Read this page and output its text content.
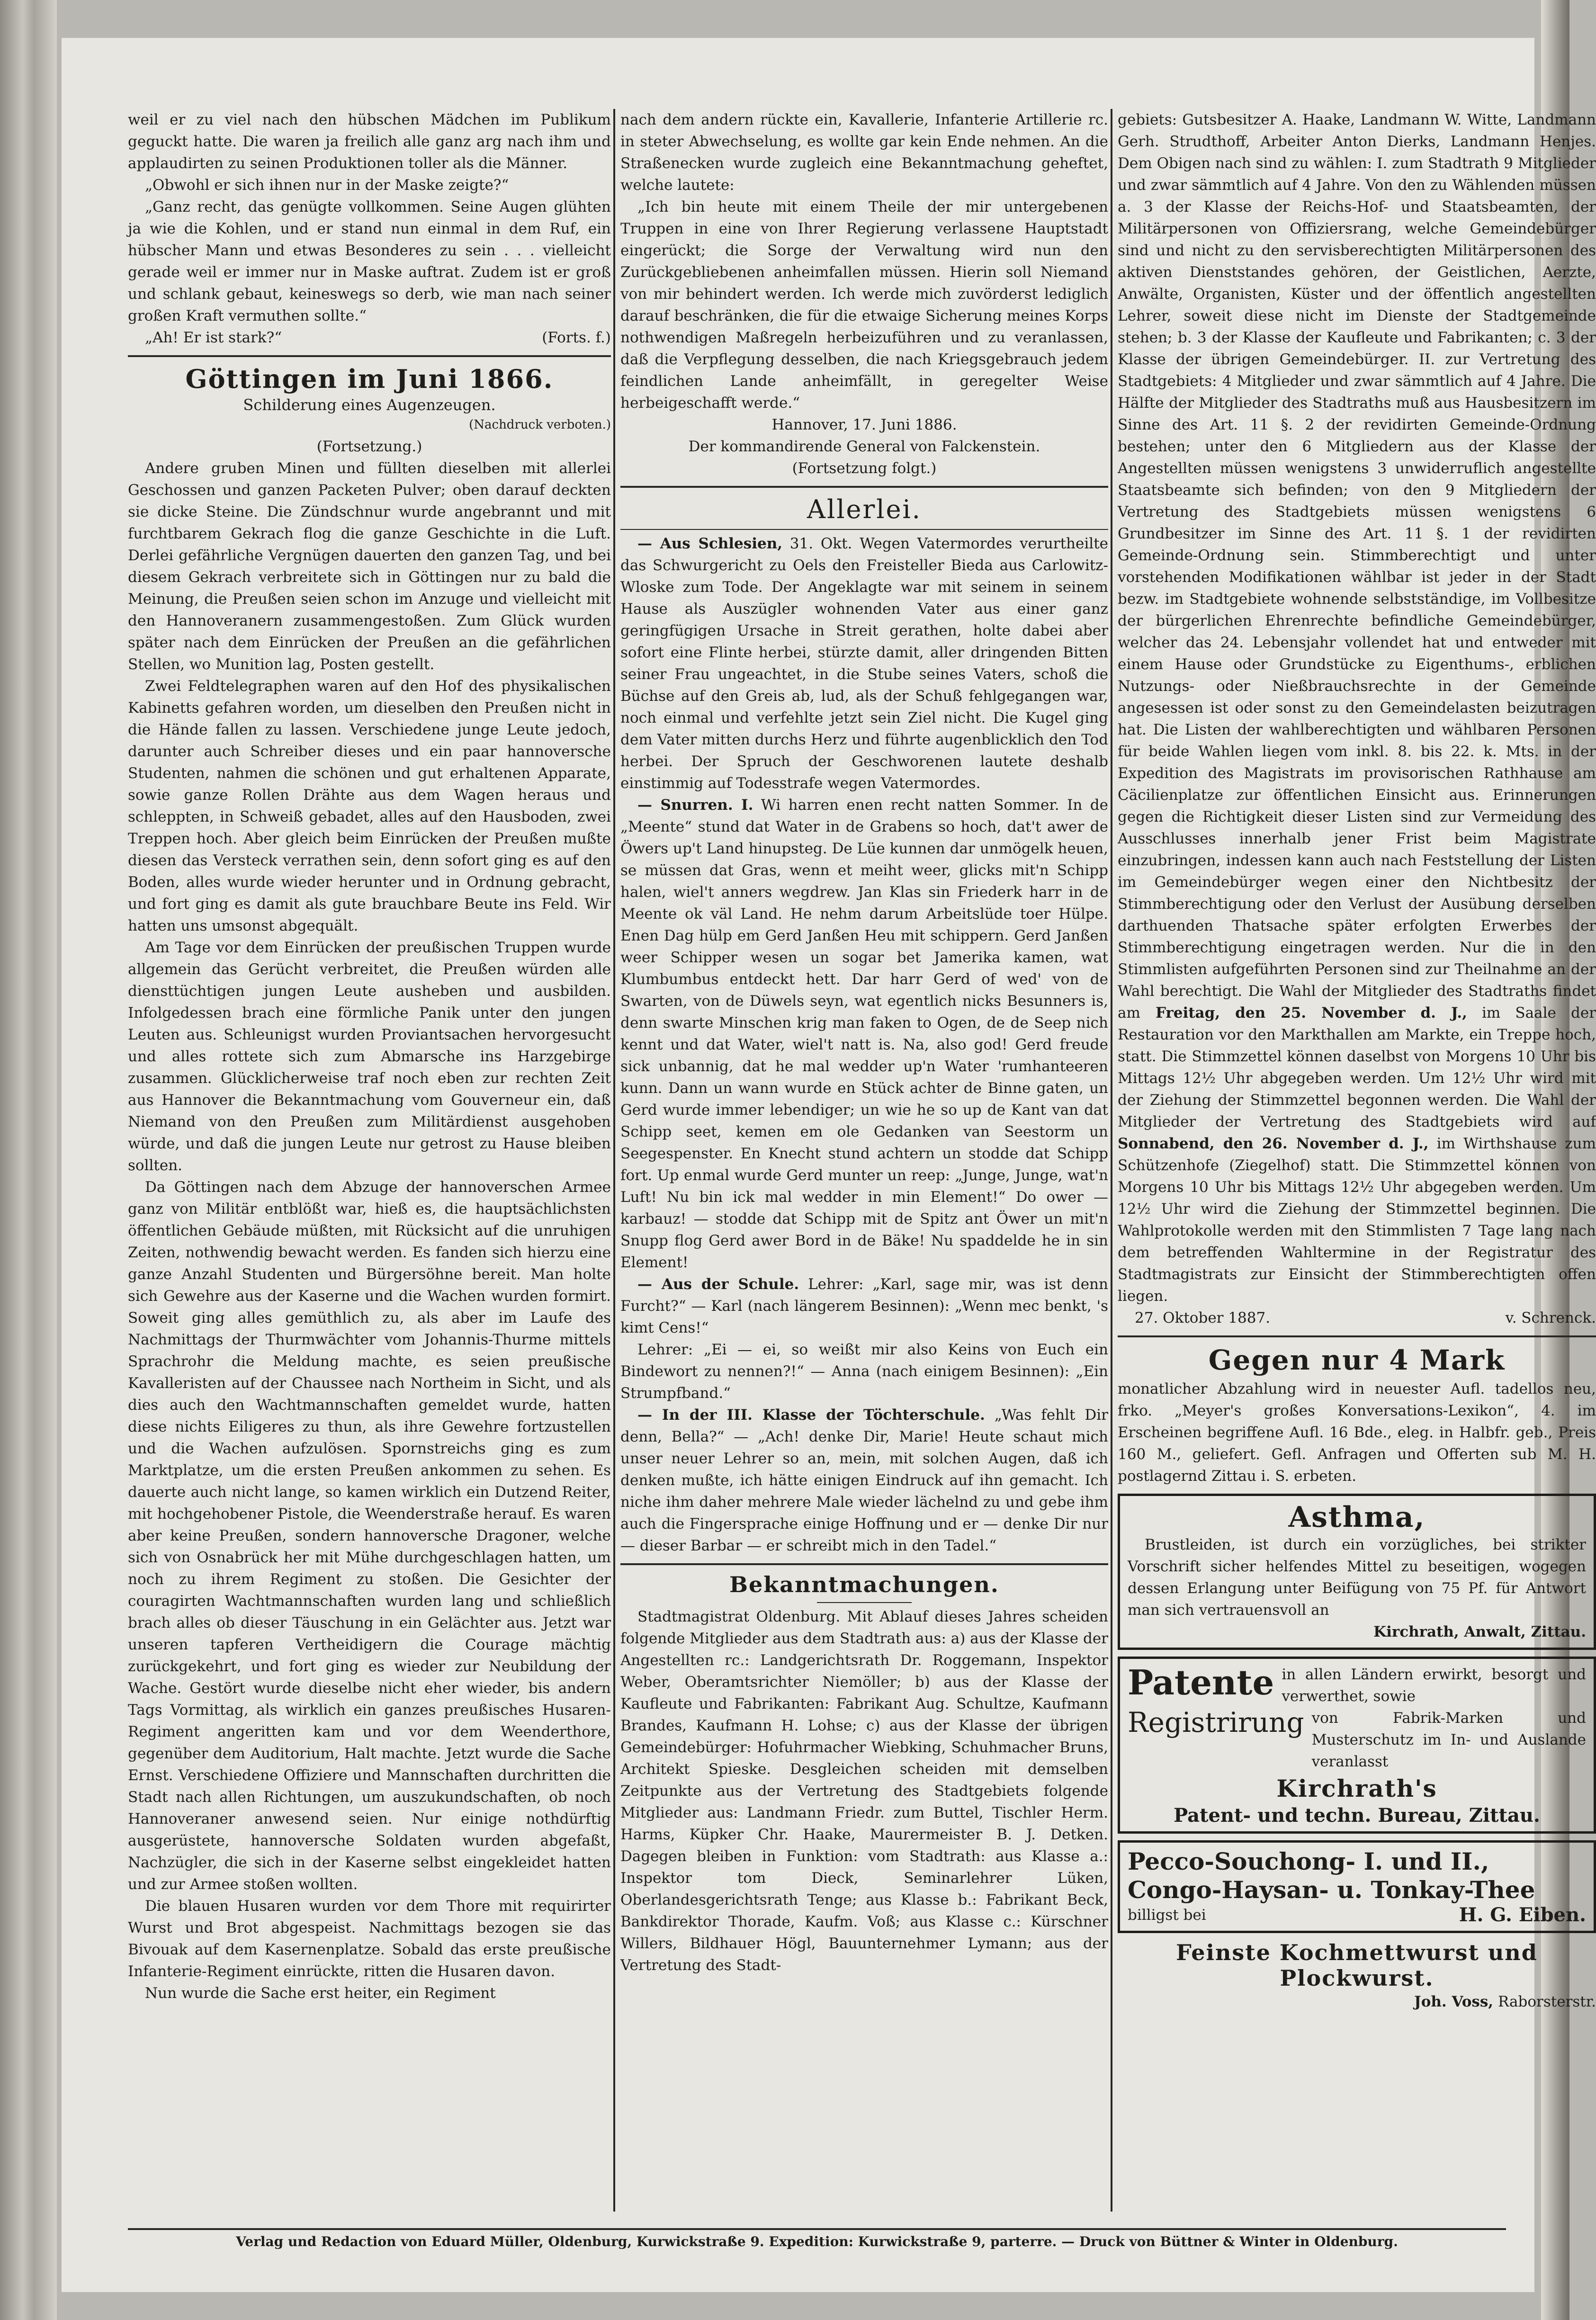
weil er zu viel nach den hübschen Mädchen im Publikum geguckt hatte. Die waren ja freilich alle ganz arg nach ihm und applaudirten zu seinen Produktionen toller als die Männer.

„Obwohl er sich ihnen nur in der Maske zeigte?“

„Ganz recht, das genügte vollkommen. Seine Augen glühten ja wie die Kohlen, und er stand nun einmal in dem Ruf, ein hübscher Mann und etwas Besonderes zu sein . . . vielleicht gerade weil er immer nur in Maske auftrat. Zudem ist er groß und schlank gebaut, keineswegs so derb, wie man nach seiner großen Kraft vermuthen sollte.“

„Ah! Er ist stark?“	(Forts. f.)

Göttingen im Juni 1866.
Schilderung eines Augenzeugen.

(Nachdruck verboten.)

(Fortsetzung.)

Andere gruben Minen und füllten dieselben mit allerlei Geschossen und ganzen Packeten Pulver; oben darauf deckten sie dicke Steine. Die Zündschnur wurde angebrannt und mit furchtbarem Gekrach flog die ganze Geschichte in die Luft. Derlei gefährliche Vergnügen dauerten den ganzen Tag, und bei diesem Gekrach verbreitete sich in Göttingen nur zu bald die Meinung, die Preußen seien schon im Anzuge und vielleicht mit den Hannoveranern zusammengestoßen. Zum Glück wurden später nach dem Einrücken der Preußen an die gefährlichen Stellen, wo Munition lag, Posten gestellt.

Zwei Feldtelegraphen waren auf den Hof des physikalischen Kabinetts gefahren worden, um dieselben den Preußen nicht in die Hände fallen zu lassen. Verschiedene junge Leute jedoch, darunter auch Schreiber dieses und ein paar hannoversche Studenten, nahmen die schönen und gut erhaltenen Apparate, sowie ganze Rollen Drähte aus dem Wagen heraus und schleppten, in Schweiß gebadet, alles auf den Hausboden, zwei Treppen hoch. Aber gleich beim Einrücken der Preußen mußte diesen das Versteck verrathen sein, denn sofort ging es auf den Boden, alles wurde wieder herunter und in Ordnung gebracht, und fort ging es damit als gute brauchbare Beute ins Feld. Wir hatten uns umsonst abgequält.

Am Tage vor dem Einrücken der preußischen Truppen wurde allgemein das Gerücht verbreitet, die Preußen würden alle diensttüchtigen jungen Leute ausheben und ausbilden. Infolgedessen brach eine förmliche Panik unter den jungen Leuten aus. Schleunigst wurden Proviantsachen hervorgesucht und alles rottete sich zum Abmarsche ins Harzgebirge zusammen. Glücklicherweise traf noch eben zur rechten Zeit aus Hannover die Bekanntmachung vom Gouverneur ein, daß Niemand von den Preußen zum Militärdienst ausgehoben würde, und daß die jungen Leute nur getrost zu Hause bleiben sollten.

Da Göttingen nach dem Abzuge der hannoverschen Armee ganz von Militär entblößt war, hieß es, die hauptsächlichsten öffentlichen Gebäude müßten, mit Rücksicht auf die unruhigen Zeiten, nothwendig bewacht werden. Es fanden sich hierzu eine ganze Anzahl Studenten und Bürgersöhne bereit. Man holte sich Gewehre aus der Kaserne und die Wachen wurden formirt. Soweit ging alles gemüthlich zu, als aber im Laufe des Nachmittags der Thurmwächter vom Johannis-Thurme mittels Sprachrohr die Meldung machte, es seien preußische Kavalleristen auf der Chaussee nach Northeim in Sicht, und als dies auch den Wachtmannschaften gemeldet wurde, hatten diese nichts Eiligeres zu thun, als ihre Gewehre fortzustellen und die Wachen aufzulösen. Spornstreichs ging es zum Marktplatze, um die ersten Preußen ankommen zu sehen. Es dauerte auch nicht lange, so kamen wirklich ein Dutzend Reiter, mit hochgehobener Pistole, die Weenderstraße herauf. Es waren aber keine Preußen, sondern hannoversche Dragoner, welche sich von Osnabrück her mit Mühe durchgeschlagen hatten, um noch zu ihrem Regiment zu stoßen. Die Gesichter der couragirten Wachtmannschaften wurden lang und schließlich brach alles ob dieser Täuschung in ein Gelächter aus. Jetzt war unseren tapferen Vertheidigern die Courage mächtig zurückgekehrt, und fort ging es wieder zur Neubildung der Wache. Gestört wurde dieselbe nicht eher wieder, bis andern Tags Vormittag, als wirklich ein ganzes preußisches Husaren-Regiment angeritten kam und vor dem Weenderthore, gegenüber dem Auditorium, Halt machte. Jetzt wurde die Sache Ernst. Verschiedene Offiziere und Mannschaften durchritten die Stadt nach allen Richtungen, um auszukundschaften, ob noch Hannoveraner anwesend seien. Nur einige nothdürftig ausgerüstete, hannoversche Soldaten wurden abgefaßt, Nachzügler, die sich in der Kaserne selbst eingekleidet hatten und zur Armee stoßen wollten.

Die blauen Husaren wurden vor dem Thore mit requirirter Wurst und Brot abgespeist. Nachmittags bezogen sie das Bivouak auf dem Kasernenplatze. Sobald das erste preußische Infanterie-Regiment einrückte, ritten die Husaren davon.

Nun wurde die Sache erst heiter, ein Regiment

nach dem andern rückte ein, Kavallerie, Infanterie Artillerie rc. in steter Abwechselung, es wollte gar kein Ende nehmen. An die Straßenecken wurde zugleich eine Bekanntmachung geheftet, welche lautete:

„Ich bin heute mit einem Theile der mir untergebenen Truppen in eine von Ihrer Regierung verlassene Hauptstadt eingerückt; die Sorge der Verwaltung wird nun den Zurückgebliebenen anheimfallen müssen. Hierin soll Niemand von mir behindert werden. Ich werde mich zuvörderst lediglich darauf beschränken, die für die etwaige Sicherung meines Korps nothwendigen Maßregeln herbeizuführen und zu veranlassen, daß die Verpflegung desselben, die nach Kriegsgebrauch jedem feindlichen Lande anheimfällt, in geregelter Weise herbeigeschafft werde.“

Hannover, 17. Juni 1886.

Der kommandirende General von Falckenstein.

(Fortsetzung folgt.)

Allerlei.

— Aus Schlesien, 31. Okt. Wegen Vatermordes verurtheilte das Schwurgericht zu Oels den Freisteller Bieda aus Carlowitz-Wloske zum Tode. Der Angeklagte war mit seinem in seinem Hause als Auszügler wohnenden Vater aus einer ganz geringfügigen Ursache in Streit gerathen, holte dabei aber sofort eine Flinte herbei, stürzte damit, aller dringenden Bitten seiner Frau ungeachtet, in die Stube seines Vaters, schoß die Büchse auf den Greis ab, lud, als der Schuß fehlgegangen war, noch einmal und verfehlte jetzt sein Ziel nicht. Die Kugel ging dem Vater mitten durchs Herz und führte augenblicklich den Tod herbei. Der Spruch der Geschworenen lautete deshalb einstimmig auf Todesstrafe wegen Vatermordes.

— Snurren. I. Wi harren enen recht natten Sommer. In de „Meente“ stund dat Water in de Grabens so hoch, dat't awer de Öwers up't Land hinupsteg. De Lüe kunnen dar unmögelk heuen, se müssen dat Gras, wenn et meiht weer, glicks mit'n Schipp halen, wiel't anners wegdrew. Jan Klas sin Friederk harr in de Meente ok väl Land. He nehm darum Arbeitslüde toer Hülpe. Enen Dag hülp em Gerd Janßen Heu mit schippern. Gerd Janßen weer Schipper wesen un sogar bet Jamerika kamen, wat Klumbumbus entdeckt hett. Dar harr Gerd of wed' von de Swarten, von de Düwels seyn, wat egentlich nicks Besunners is, denn swarte Minschen krig man faken to Ogen, de de Seep nich kennt und dat Water, wiel't natt is. Na, also god! Gerd freude sick unbannig, dat he mal wedder up'n Water 'rumhanteeren kunn. Dann un wann wurde en Stück achter de Binne gaten, un Gerd wurde immer lebendiger; un wie he so up de Kant van dat Schipp seet, kemen em ole Gedanken van Seestorm un Seegespenster. En Knecht stund achtern un stodde dat Schipp fort. Up enmal wurde Gerd munter un reep: „Junge, Junge, wat'n Luft! Nu bin ick mal wedder in min Element!“ Do ower — karbauz! — stodde dat Schipp mit de Spitz ant Öwer un mit'n Snupp flog Gerd awer Bord in de Bäke! Nu spaddelde he in sin Element!

— Aus der Schule. Lehrer: „Karl, sage mir, was ist denn Furcht?“ — Karl (nach längerem Besinnen): „Wenn mec benkt, 's kimt Cens!“

Lehrer: „Ei — ei, so weißt mir also Keins von Euch ein Bindewort zu nennen?!“ — Anna (nach einigem Besinnen): „Ein Strumpfband.“

— In der III. Klasse der Töchterschule. „Was fehlt Dir denn, Bella?“ — „Ach! denke Dir, Marie! Heute schaut mich unser neuer Lehrer so an, mein, mit solchen Augen, daß ich denken mußte, ich hätte einigen Eindruck auf ihn gemacht. Ich niche ihm daher mehrere Male wieder lächelnd zu und gebe ihm auch die Fingersprache einige Hoffnung und er — denke Dir nur — dieser Barbar — er schreibt mich in den Tadel.“

Bekanntmachungen.

Stadtmagistrat Oldenburg. Mit Ablauf dieses Jahres scheiden folgende Mitglieder aus dem Stadtrath aus: a) aus der Klasse der Angestellten rc.: Landgerichtsrath Dr. Roggemann, Inspektor Weber, Oberamtsrichter Niemöller; b) aus der Klasse der Kaufleute und Fabrikanten: Fabrikant Aug. Schultze, Kaufmann Brandes, Kaufmann H. Lohse; c) aus der Klasse der übrigen Gemeindebürger: Hofuhrmacher Wiebking, Schuhmacher Bruns, Architekt Spieske. Desgleichen scheiden mit demselben Zeitpunkte aus der Vertretung des Stadtgebiets folgende Mitglieder aus: Landmann Friedr. zum Buttel, Tischler Herm. Harms, Küpker Chr. Haake, Maurermeister B. J. Detken. Dagegen bleiben in Funktion: vom Stadtrath: aus Klasse a.: Inspektor tom Dieck, Seminarlehrer Lüken, Oberlandesgerichtsrath Tenge; aus Klasse b.: Fabrikant Beck, Bankdirektor Thorade, Kaufm. Voß; aus Klasse c.: Kürschner Willers, Bildhauer Högl, Bauunternehmer Lymann; aus der Vertretung des Stadt-

gebiets: Gutsbesitzer A. Haake, Landmann W. Witte, Landmann Gerh. Strudthoff, Arbeiter Anton Dierks, Landmann Henjes. Dem Obigen nach sind zu wählen: I. zum Stadtrath 9 Mitglieder und zwar sämmtlich auf 4 Jahre. Von den zu Wählenden müssen a. 3 der Klasse der Reichs-Hof- und Staatsbeamten, der Militärpersonen von Offiziersrang, welche Gemeindebürger sind und nicht zu den servisberechtigten Militärpersonen des aktiven Dienststandes gehören, der Geistlichen, Aerzte, Anwälte, Organisten, Küster und der öffentlich angestellten Lehrer, soweit diese nicht im Dienste der Stadtgemeinde stehen; b. 3 der Klasse der Kaufleute und Fabrikanten; c. 3 der Klasse der übrigen Gemeindebürger. II. zur Vertretung des Stadtgebiets: 4 Mitglieder und zwar sämmtlich auf 4 Jahre. Die Hälfte der Mitglieder des Stadtraths muß aus Hausbesitzern im Sinne des Art. 11 §. 2 der revidirten Gemeinde-Ordnung bestehen; unter den 6 Mitgliedern aus der Klasse der Angestellten müssen wenigstens 3 unwiderruflich angestellte Staatsbeamte sich befinden; von den 9 Mitgliedern der Vertretung des Stadtgebiets müssen wenigstens 6 Grundbesitzer im Sinne des Art. 11 §. 1 der revidirten Gemeinde-Ordnung sein. Stimmberechtigt und unter vorstehenden Modifikationen wählbar ist jeder in der Stadt bezw. im Stadtgebiete wohnende selbstständige, im Vollbesitze der bürgerlichen Ehrenrechte befindliche Gemeindebürger, welcher das 24. Lebensjahr vollendet hat und entweder mit einem Hause oder Grundstücke zu Eigenthums-, erblichen Nutzungs- oder Nießbrauchsrechte in der Gemeinde angesessen ist oder sonst zu den Gemeindelasten beizutragen hat. Die Listen der wahlberechtigten und wählbaren Personen für beide Wahlen liegen vom inkl. 8. bis 22. k. Mts. in der Expedition des Magistrats im provisorischen Rathhause am Cäcilienplatze zur öffentlichen Einsicht aus. Erinnerungen gegen die Richtigkeit dieser Listen sind zur Vermeidung des Ausschlusses innerhalb jener Frist beim Magistrate einzubringen, indessen kann auch nach Feststellung der Listen im Gemeindebürger wegen einer den Nichtbesitz der Stimmberechtigung oder den Verlust der Ausübung derselben darthuenden Thatsache später erfolgten Erwerbes der Stimmberechtigung eingetragen werden. Nur die in den Stimmlisten aufgeführten Personen sind zur Theilnahme an der Wahl berechtigt. Die Wahl der Mitglieder des Stadtraths findet am Freitag, den 25. November d. J., im Saale der Restauration vor den Markthallen am Markte, ein Treppe hoch, statt. Die Stimmzettel können daselbst von Morgens 10 Uhr bis Mittags 12½ Uhr abgegeben werden. Um 12½ Uhr wird mit der Ziehung der Stimmzettel begonnen werden. Die Wahl der Mitglieder der Vertretung des Stadtgebiets wird auf Sonnabend, den 26. November d. J., im Wirthshause zum Schützenhofe (Ziegelhof) statt. Die Stimmzettel können von Morgens 10 Uhr bis Mittags 12½ Uhr abgegeben werden. Um 12½ Uhr wird die Ziehung der Stimmzettel beginnen. Die Wahlprotokolle werden mit den Stimmlisten 7 Tage lang nach dem betreffenden Wahltermine in der Registratur des Stadtmagistrats zur Einsicht der Stimmberechtigten offen liegen.

27. Oktober 1887.	v. Schrenck.

Gegen nur 4 Mark

monatlicher Abzahlung wird in neuester Aufl. tadellos neu, frko. „Meyer's großes Konversations-Lexikon“, 4. im Erscheinen begriffene Aufl. 16 Bde., eleg. in Halbfr. geb., Preis 160 M., geliefert. Gefl. Anfragen und Offerten sub M. H. postlagernd Zittau i. S. erbeten.

Asthma,

Brustleiden, ist durch ein vorzügliches, bei strikter Vorschrift sicher helfendes Mittel zu beseitigen, wogegen dessen Erlangung unter Beifügung von 75 Pf. für Antwort man sich vertrauensvoll an

Kirchrath, Anwalt, Zittau.

Patente in allen Ländern erwirkt, besorgt und verwerthet, sowie

Registrirung von Fabrik-Marken und Musterschutz im In- und Auslande veranlasst

Kirchrath's
Patent- und techn. Bureau, Zittau.
Pecco-Souchong- I. und II.,
Congo-Haysan- u. Tonkay-Thee

billigst bei	H. G. Eiben.

Feinste Kochmettwurst und
Plockwurst.

Joh. Voss, Raborsterstr.

Verlag und Redaction von Eduard Müller, Oldenburg, Kurwickstraße 9. Expedition: Kurwickstraße 9, parterre. — Druck von Büttner & Winter in Oldenburg.
